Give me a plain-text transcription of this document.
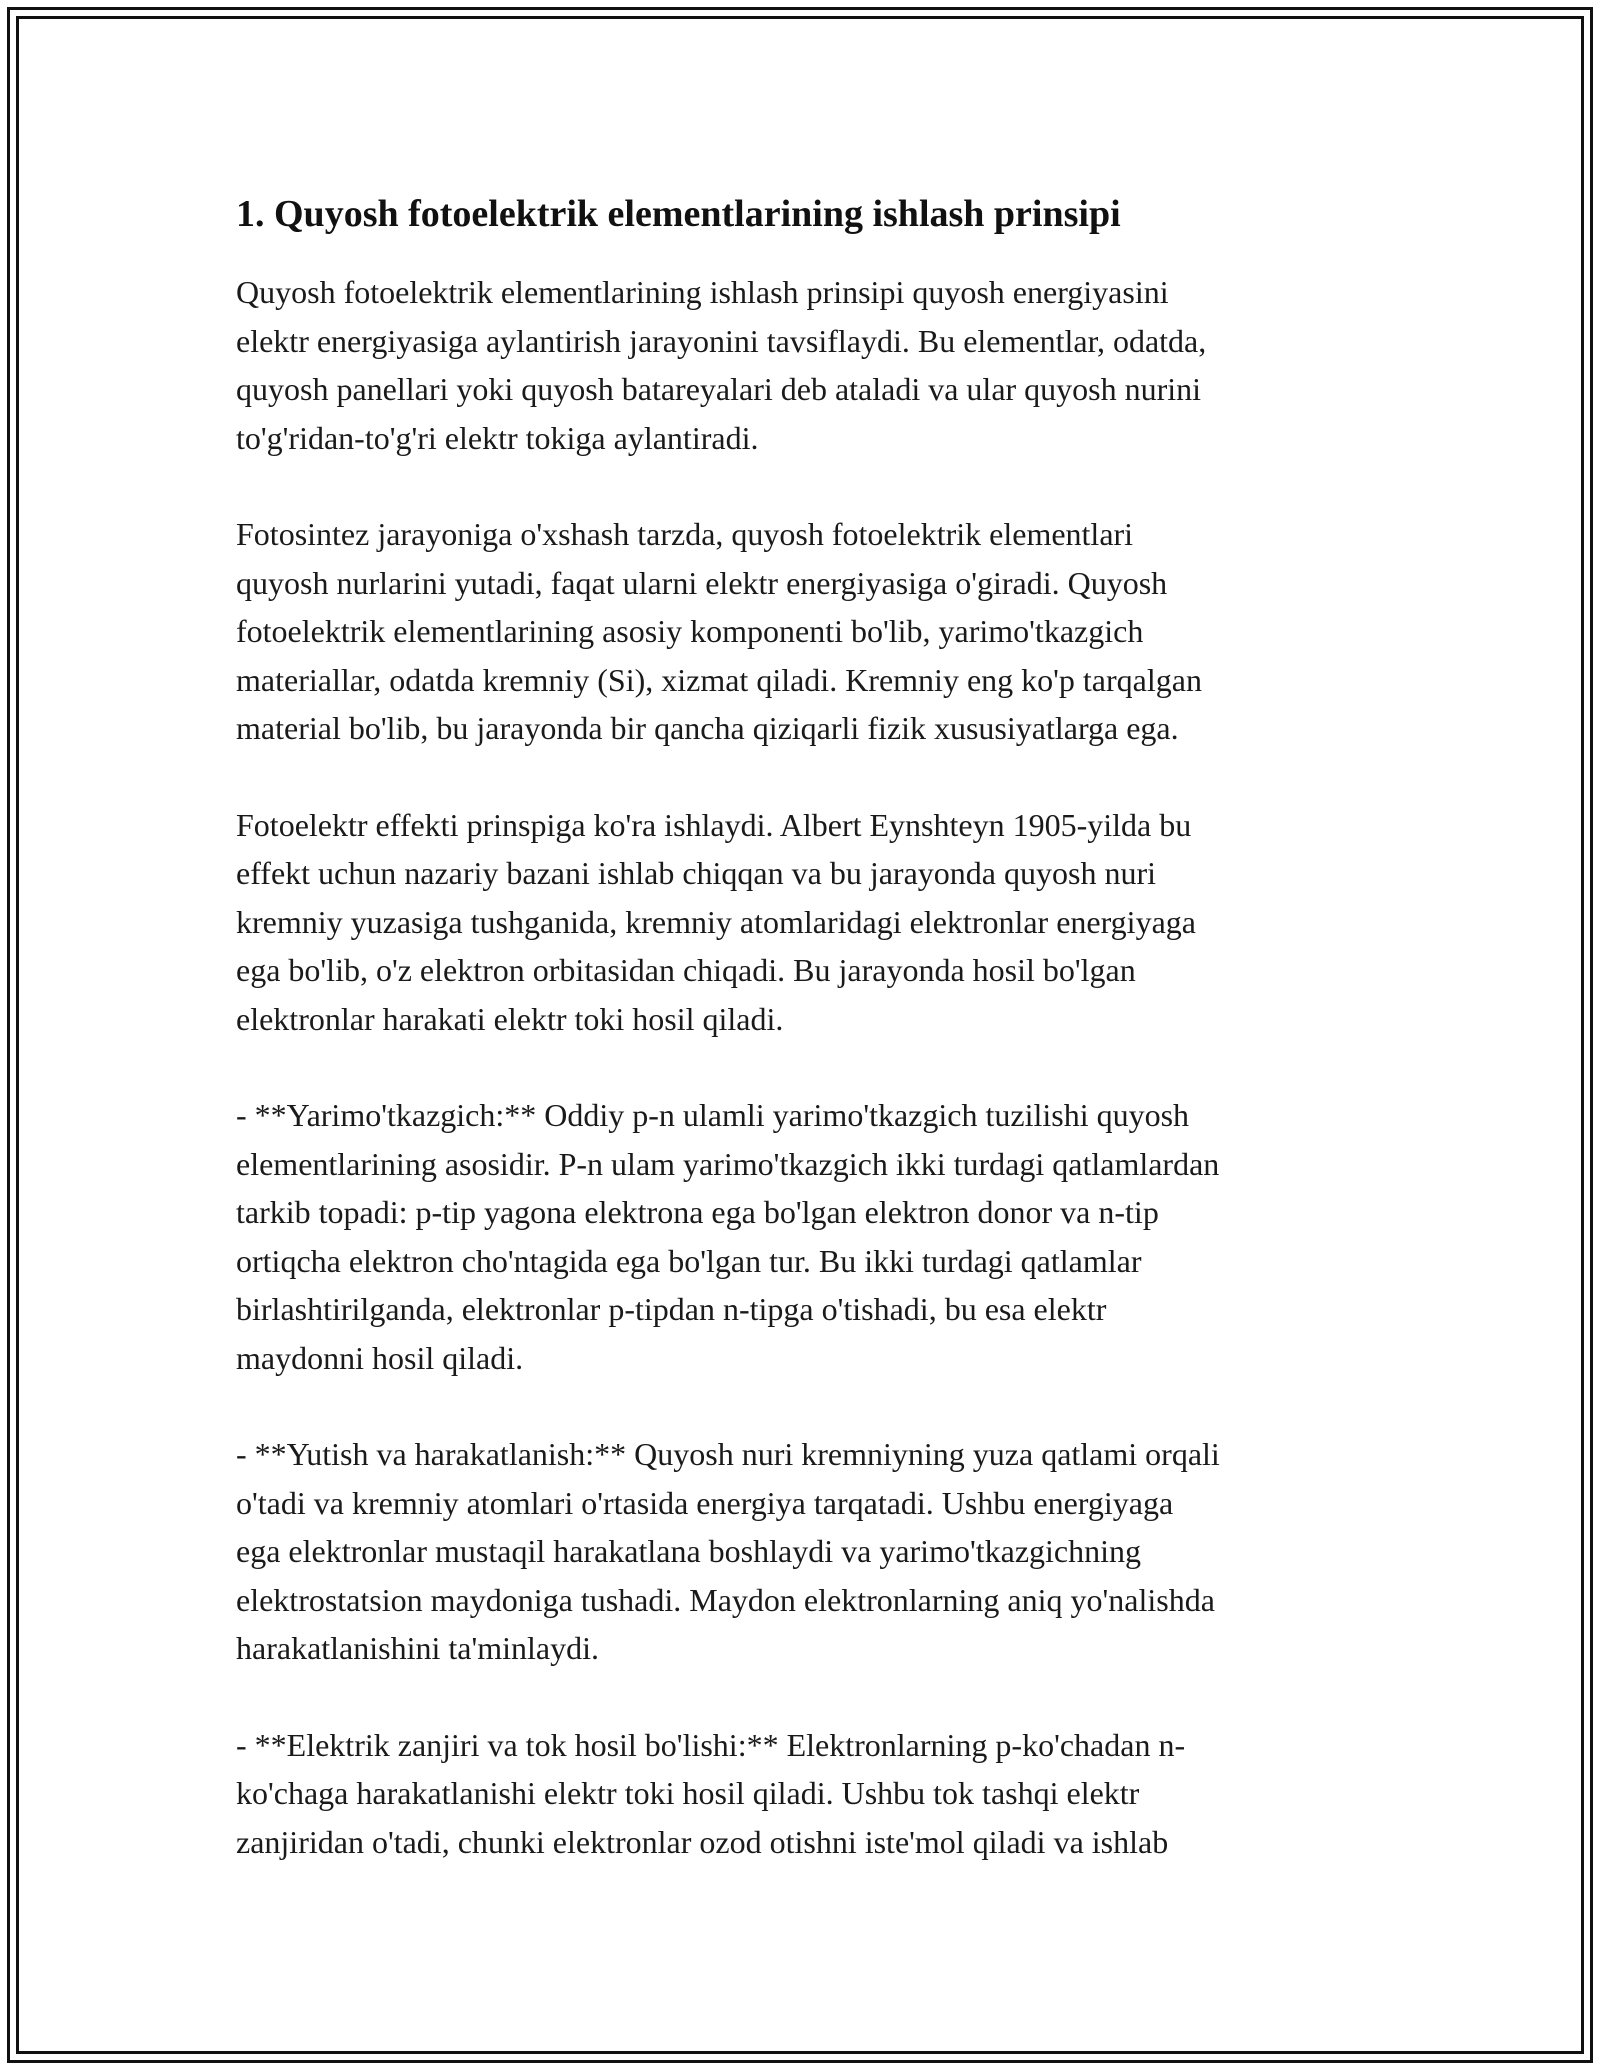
1. Quyosh fotoelektrik elementlarining ishlash prinsipi

Quyosh fotoelektrik elementlarining ishlash prinsipi quyosh energiyasini
elektr energiyasiga aylantirish jarayonini tavsiflaydi. Bu elementlar, odatda,
quyosh panellari yoki quyosh batareyalari deb ataladi va ular quyosh nurini
to'g'ridan-to'g'ri elektr tokiga aylantiradi.

Fotosintez jarayoniga o'xshash tarzda, quyosh fotoelektrik elementlari
quyosh nurlarini yutadi, faqat ularni elektr energiyasiga o'giradi. Quyosh
fotoelektrik elementlarining asosiy komponenti bo'lib, yarimo'tkazgich
materiallar, odatda kremniy (Si), xizmat qiladi. Kremniy eng ko'p tarqalgan
material bo'lib, bu jarayonda bir qancha qiziqarli fizik xususiyatlarga ega.

Fotoelektr effekti prinspiga ko'ra ishlaydi. Albert Eynshteyn 1905-yilda bu
effekt uchun nazariy bazani ishlab chiqqan va bu jarayonda quyosh nuri
kremniy yuzasiga tushganida, kremniy atomlaridagi elektronlar energiyaga
ega bo'lib, o'z elektron orbitasidan chiqadi. Bu jarayonda hosil bo'lgan
elektronlar harakati elektr toki hosil qiladi.

- **Yarimo'tkazgich:** Oddiy p-n ulamli yarimo'tkazgich tuzilishi quyosh
elementlarining asosidir. P-n ulam yarimo'tkazgich ikki turdagi qatlamlardan
tarkib topadi: p-tip yagona elektrona ega bo'lgan elektron donor va n-tip
ortiqcha elektron cho'ntagida ega bo'lgan tur. Bu ikki turdagi qatlamlar
birlashtirilganda, elektronlar p-tipdan n-tipga o'tishadi, bu esa elektr
maydonni hosil qiladi.

- **Yutish va harakatlanish:** Quyosh nuri kremniyning yuza qatlami orqali
o'tadi va kremniy atomlari o'rtasida energiya tarqatadi. Ushbu energiyaga
ega elektronlar mustaqil harakatlana boshlaydi va yarimo'tkazgichning
elektrostatsion maydoniga tushadi. Maydon elektronlarning aniq yo'nalishda
harakatlanishini ta'minlaydi.

- **Elektrik zanjiri va tok hosil bo'lishi:** Elektronlarning p-ko'chadan n-
ko'chaga harakatlanishi elektr toki hosil qiladi. Ushbu tok tashqi elektr
zanjiridan o'tadi, chunki elektronlar ozod otishni iste'mol qiladi va ishlab
